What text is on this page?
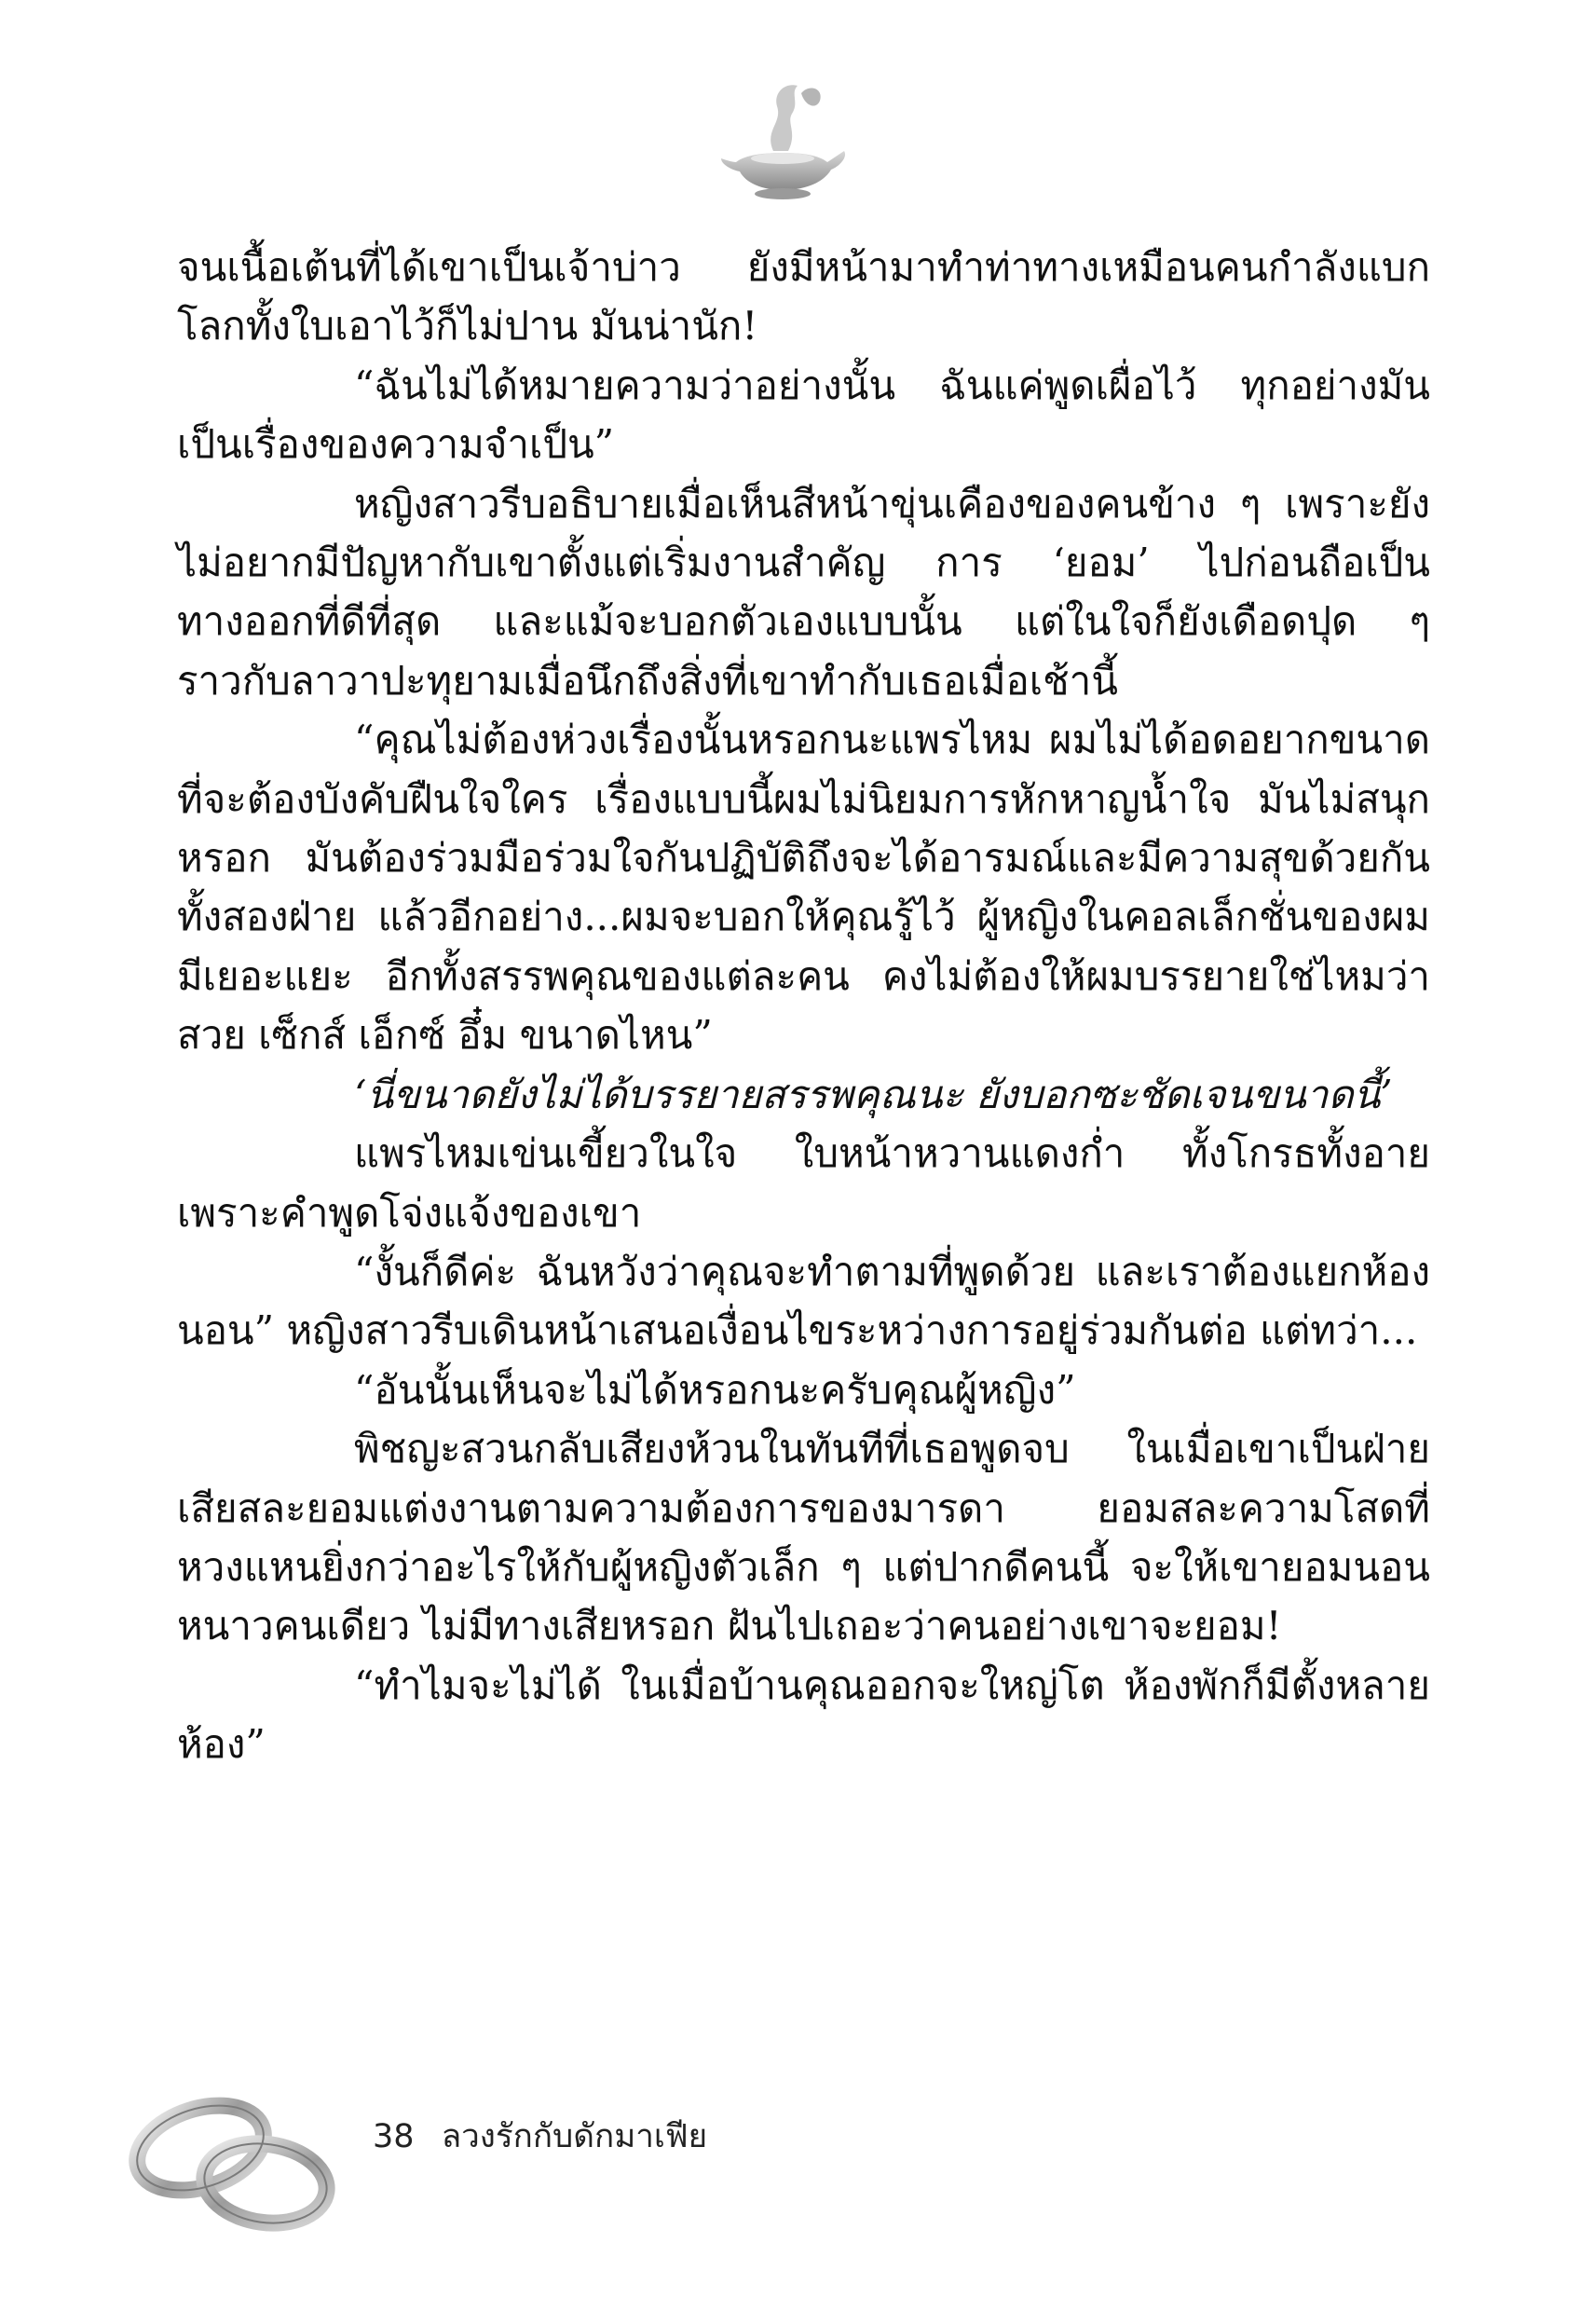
จนเนื้อเต้นที่ได้เขาเป็นเจ้าบ่าว ยังมีหน้ามาทำท่าทางเหมือนคนกำลังแบกโลกทั้งใบเอาไว้ก็ไม่ปาน มันน่านัก!

“ฉันไม่ได้หมายความว่าอย่างนั้น ฉันแค่พูดเผื่อไว้ ทุกอย่างมันเป็นเรื่องของความจำเป็น”

หญิงสาวรีบอธิบายเมื่อเห็นสีหน้าขุ่นเคืองของคนข้าง ๆ เพราะยังไม่อยากมีปัญหากับเขาตั้งแต่เริ่มงานสำคัญ การ ‘ยอม’ ไปก่อนถือเป็นทางออกที่ดีที่สุด และแม้จะบอกตัวเองแบบนั้น แต่ในใจก็ยังเดือดปุด ๆ ราวกับลาวาปะทุยามเมื่อนึกถึงสิ่งที่เขาทำกับเธอเมื่อเช้านี้

“คุณไม่ต้องห่วงเรื่องนั้นหรอกนะแพรไหม ผมไม่ได้อดอยากขนาดที่จะต้องบังคับฝืนใจใคร เรื่องแบบนี้ผมไม่นิยมการหักหาญน้ำใจ มันไม่สนุกหรอก มันต้องร่วมมือร่วมใจกันปฏิบัติถึงจะได้อารมณ์และมีความสุขด้วยกันทั้งสองฝ่าย แล้วอีกอย่าง...ผมจะบอกให้คุณรู้ไว้ ผู้หญิงในคอลเล็กชั่นของผมมีเยอะแยะ อีกทั้งสรรพคุณของแต่ละคน คงไม่ต้องให้ผมบรรยายใช่ไหมว่าสวย เซ็กส์ เอ็กซ์ อึ๋ม ขนาดไหน”

‘นี่ขนาดยังไม่ได้บรรยายสรรพคุณนะ ยังบอกซะชัดเจนขนาดนี้’

แพรไหมเข่นเขี้ยวในใจ ใบหน้าหวานแดงก่ำ ทั้งโกรธทั้งอายเพราะคำพูดโจ่งแจ้งของเขา

“งั้นก็ดีค่ะ ฉันหวังว่าคุณจะทำตามที่พูดด้วย และเราต้องแยกห้องนอน” หญิงสาวรีบเดินหน้าเสนอเงื่อนไขระหว่างการอยู่ร่วมกันต่อ แต่ทว่า...

“อันนั้นเห็นจะไม่ได้หรอกนะครับคุณผู้หญิง”

พิชญะสวนกลับเสียงห้วนในทันทีที่เธอพูดจบ ในเมื่อเขาเป็นฝ่ายเสียสละยอมแต่งงานตามความต้องการของมารดา ยอมสละความโสดที่หวงแหนยิ่งกว่าอะไรให้กับผู้หญิงตัวเล็ก ๆ แต่ปากดีคนนี้ จะให้เขายอมนอนหนาวคนเดียว ไม่มีทางเสียหรอก ฝันไปเถอะว่าคนอย่างเขาจะยอม!

“ทำไมจะไม่ได้ ในเมื่อบ้านคุณออกจะใหญ่โต ห้องพักก็มีตั้งหลายห้อง”

38 ลวงรักกับดักมาเฟีย
